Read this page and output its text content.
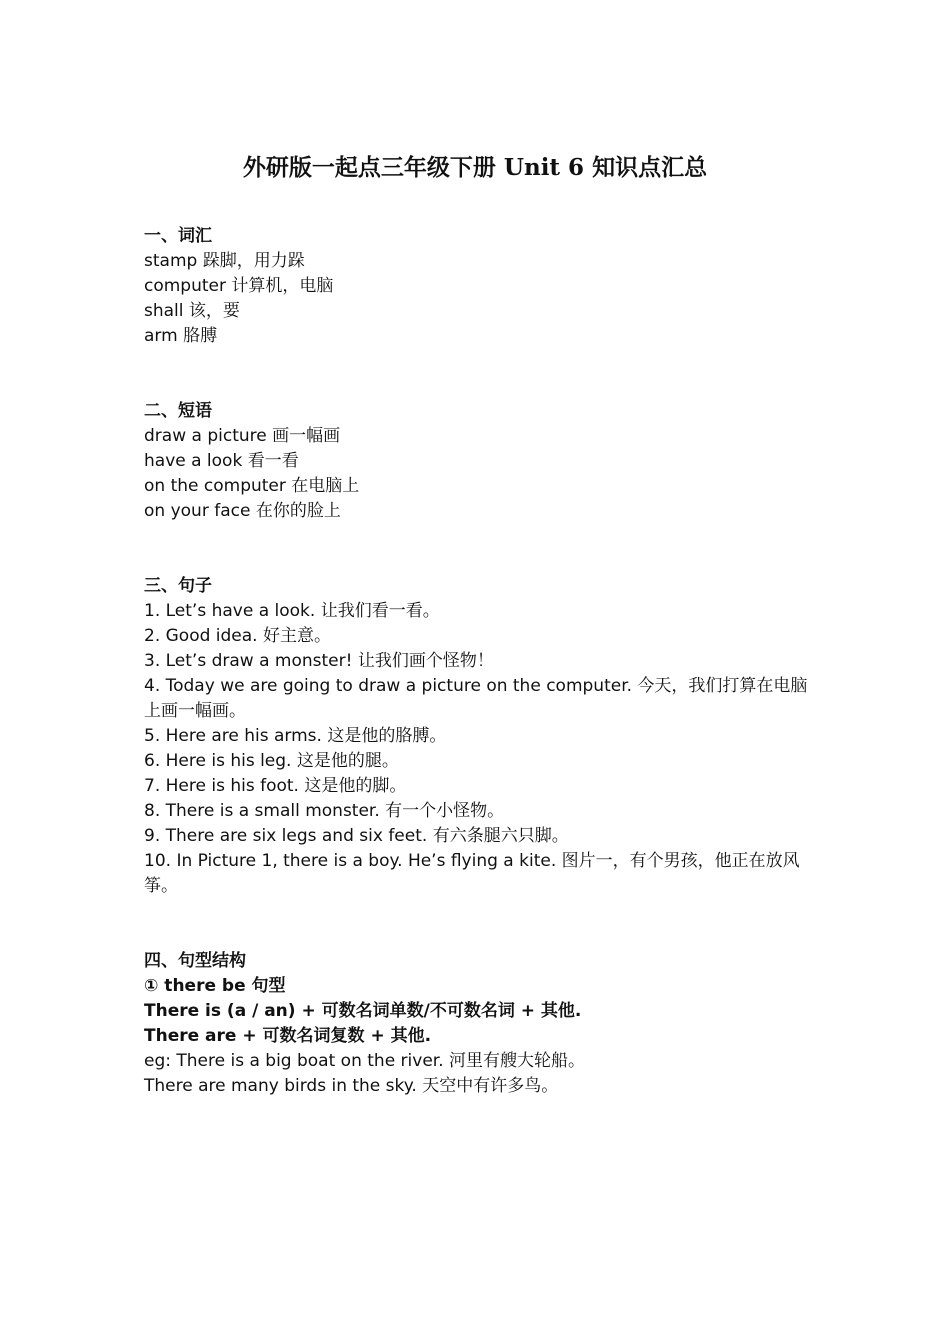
外研版一起点三年级下册 Unit 6 知识点汇总

一、词汇

stamp 跺脚，用力跺

computer 计算机，电脑

shall 该，要

arm 胳膊

二、短语

draw a picture 画一幅画

have a look 看一看

on the computer 在电脑上

on your face 在你的脸上

三、句子

1. Let’s have a look. 让我们看一看。

2. Good idea. 好主意。

3. Let’s draw a monster! 让我们画个怪物！

4. Today we are going to draw a picture on the computer. 今天，我们打算在电脑上画一幅画。

5. Here are his arms. 这是他的胳膊。

6. Here is his leg. 这是他的腿。

7. Here is his foot. 这是他的脚。

8. There is a small monster. 有一个小怪物。

9. There are six legs and six feet. 有六条腿六只脚。

10. In Picture 1, there is a boy. He’s flying a kite. 图片一，有个男孩，他正在放风筝。

四、句型结构

① there be 句型

There is (a / an) + 可数名词单数/不可数名词 + 其他.

There are + 可数名词复数 + 其他.

eg: There is a big boat on the river. 河里有艘大轮船。

There are many birds in the sky. 天空中有许多鸟。
